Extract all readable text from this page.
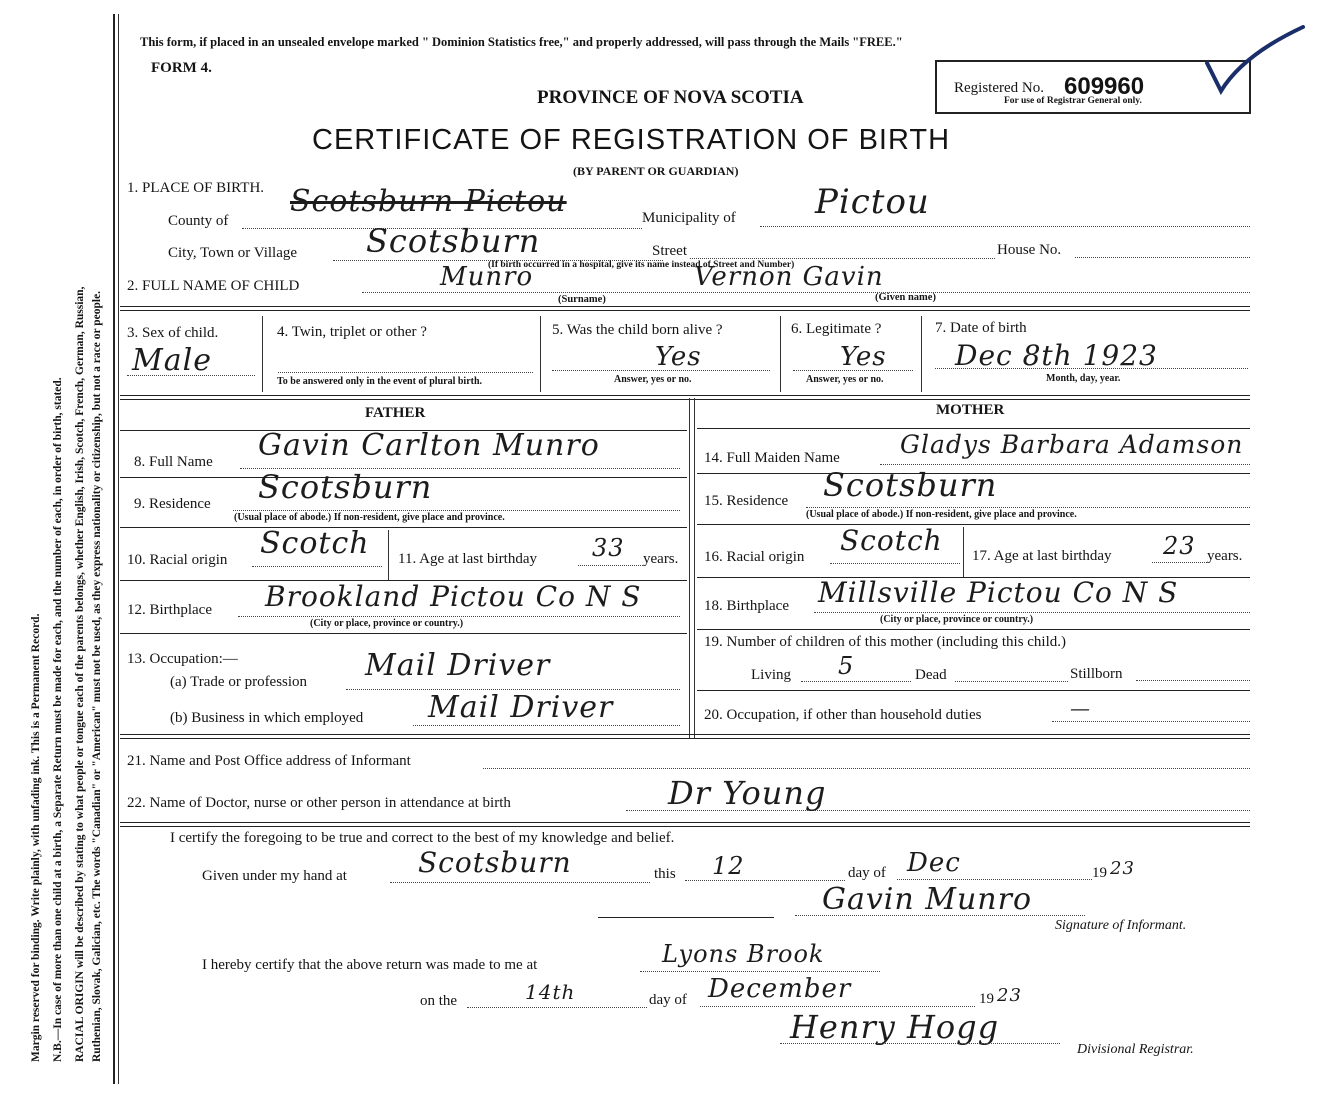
Margin reserved for binding. Write plainly, with unfading ink. This is a Permanent Record. N.B.—In case of more than one child at a birth, a Separate Return must be made for each, and the number of each, in order of birth, stated. RACIAL ORIGIN will be described by stating to what people or tongue each of the parents belongs, whether English, Irish, Scotch, French, German, Russian, Ruthenian, Slovak, Galician, etc. The words "Canadian" or "American" must not be used, as they express nationality or citizenship, but not a race or people.
This form, if placed in an unsealed envelope marked " Dominion Statistics free," and properly addressed, will pass through the Mails "FREE."
FORM 4.
PROVINCE OF NOVA SCOTIA	Registered No. 609960
For use of Registrar General only.
CERTIFICATE OF REGISTRATION OF BIRTH
(BY PARENT OR GUARDIAN)
1. PLACE OF BIRTH.
County of
Scotsburn Pictou	Municipality of Pictou
City, Town or Village Scotsburn	Street	House No.
(If birth occurred in a hospital, give its name instead of Street and Number)
2. FULL NAME OF CHILD	Munro	Vernon Gavin
(Surname)	(Given name)
3. Sex of child.
Male
4. Twin, triplet or other ?
To be answered only in the event of plural birth.
5. Was the child born alive ?
Yes
Answer, yes or no.
6. Legitimate ?
Yes
Answer, yes or no.
7. Date of birth
Dec 8th 1923
Month, day, year.
FATHER	MOTHER
8. Full Name Gavin Carlton Munro
9. Residence Scotsburn
(Usual place of abode.) If non-resident, give place and province.
10. Racial origin Scotch 11. Age at last birthday 33 years.
12. Birthplace Brookland Pictou Co N S
(City or place, province or country.)
13. Occupation:—
(a) Trade or profession Mail Driver
(b) Business in which employed Mail Driver
14. Full Maiden Name Gladys Barbara Adamson
15. Residence Scotsburn
(Usual place of abode.) If non-resident, give place and province.
16. Racial origin Scotch 17. Age at last birthday 23 years.
18. Birthplace Millsville Pictou Co N S
(City or place, province or country.)
19. Number of children of this mother (including this child.)
Living 5	Dead	Stillborn
20. Occupation, if other than household duties	—
21. Name and Post Office address of Informant
22. Name of Doctor, nurse or other person in attendance at birth	Dr Young
I certify the foregoing to be true and correct to the best of my knowledge and belief.
Given under my hand at	Scotsburn	this 12	day of Dec	19 23
Gavin Munro
Signature of Informant.
I hereby certify that the above return was made to me at	Lyons Brook
on the	14th	day of December	19 23
Henry Hogg
Divisional Registrar.
